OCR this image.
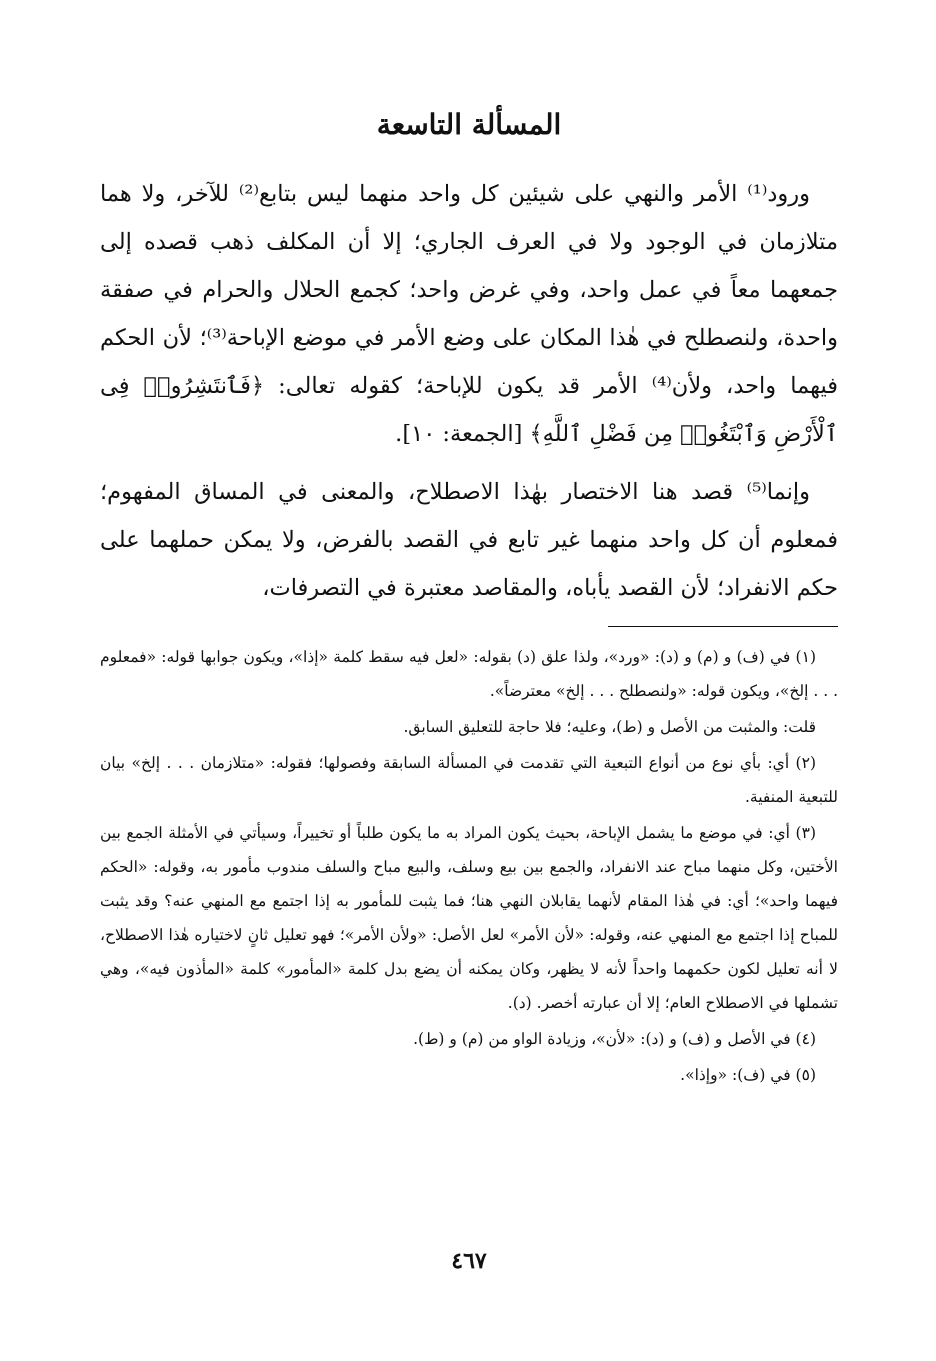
المسألة التاسعة

ورود⁽¹⁾ الأمر والنهي على شيئين كل واحد منهما ليس بتابع⁽²⁾ للآخر، ولا هما متلازمان في الوجود ولا في العرف الجاري؛ إلا أن المكلف ذهب قصده إلى جمعهما معاً في عمل واحد، وفي غرض واحد؛ كجمع الحلال والحرام في صفقة واحدة، ولنصطلح في هٰذا المكان على وضع الأمر في موضع الإباحة⁽³⁾؛ لأن الحكم فيهما واحد، ولأن⁽⁴⁾ الأمر قد يكون للإباحة؛ كقوله تعالى: ﴿فَٱنتَشِرُوا۟ فِى ٱلْأَرْضِ وَٱبْتَغُوا۟ مِن فَضْلِ ٱللَّهِ﴾ [الجمعة: ١٠].

وإنما⁽⁵⁾ قصد هنا الاختصار بهٰذا الاصطلاح، والمعنى في المساق المفهوم؛ فمعلوم أن كل واحد منهما غير تابع في القصد بالفرض، ولا يمكن حملهما على حكم الانفراد؛ لأن القصد يأباه، والمقاصد معتبرة في التصرفات،

(١) في (ف) و (م) و (د): «ورد»، ولذا علق (د) بقوله: «لعل فيه سقط كلمة «إذا»، ويكون جوابها قوله: «فمعلوم . . . إلخ»، ويكون قوله: «ولنصطلح . . . إلخ» معترضاً».

قلت: والمثبت من الأصل و (ط)، وعليه؛ فلا حاجة للتعليق السابق.

(٢) أي: بأي نوع من أنواع التبعية التي تقدمت في المسألة السابقة وفصولها؛ فقوله: «متلازمان . . . إلخ» بيان للتبعية المنفية.

(٣) أي: في موضع ما يشمل الإباحة، بحيث يكون المراد به ما يكون طلباً أو تخييراً، وسيأتي في الأمثلة الجمع بين الأختين، وكل منهما مباح عند الانفراد، والجمع بين بيع وسلف، والبيع مباح والسلف مندوب مأمور به، وقوله: «الحكم فيهما واحد»؛ أي: في هٰذا المقام لأنهما يقابلان النهي هنا؛ فما يثبت للمأمور به إذا اجتمع مع المنهي عنه؟ وقد يثبت للمباح إذا اجتمع مع المنهي عنه، وقوله: «لأن الأمر» لعل الأصل: «ولأن الأمر»؛ فهو تعليل ثانٍ لاختياره هٰذا الاصطلاح، لا أنه تعليل لكون حكمهما واحداً لأنه لا يظهر، وكان يمكنه أن يضع بدل كلمة «المأمور» كلمة «المأذون فيه»، وهي تشملها في الاصطلاح العام؛ إلا أن عبارته أخصر. (د).

(٤) في الأصل و (ف) و (د): «لأن»، وزيادة الواو من (م) و (ط).

(٥) في (ف): «وإذا».

٤٦٧
